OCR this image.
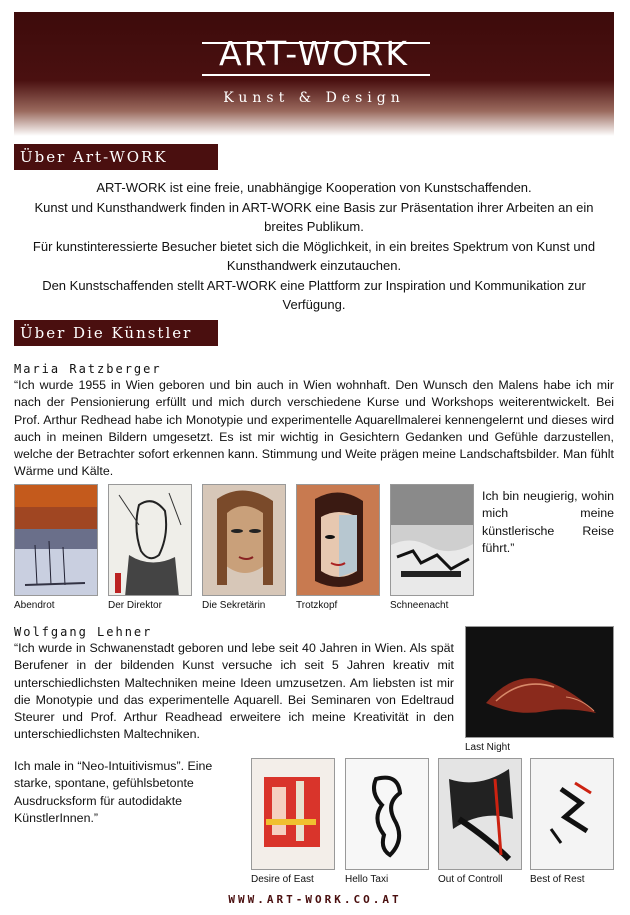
ART-WORK
Kunst & Design
Über Art-WORK

ART-WORK ist eine freie, unabhängige Kooperation von Kunstschaffenden.

Kunst und Kunsthandwerk finden in ART-WORK eine Basis zur Präsentation ihrer Arbeiten an ein breites Publikum.

Für kunstinteressierte Besucher bietet sich die Möglichkeit, in ein breites Spektrum von Kunst und Kunsthandwerk einzutauchen.

Den Kunstschaffenden stellt ART-WORK eine Plattform zur Inspiration und Kommunikation zur Verfügung.

Über Die Künstler
Maria Ratzberger
“Ich wurde 1955 in Wien geboren und bin auch in Wien wohnhaft. Den Wunsch den Malens habe ich mir nach der Pensionierung erfüllt und mich durch verschiedene Kurse und Workshops weiterentwickelt. Bei Prof. Arthur Redhead habe ich Monotypie und experimentelle Aquarellmalerei kennengelernt und dieses wird auch in meinen Bildern umgesetzt. Es ist mir wichtig in Gesichtern Gedanken und Gefühle darzustellen, welche der Betrachter sofort erkennen kann. Stimmung und Weite prägen meine Landschaftsbilder. Man fühlt Wärme und Kälte.
Abendrot	Der Direktor	Die Sekretärin	Trotzkopf	Schneenacht
Ich bin neugierig, wohin mich meine künstlerische Reise führt.”
Wolfgang Lehner
“Ich wurde in Schwanenstadt geboren und lebe seit 40 Jahren in Wien. Als spät Berufener in der bildenden Kunst versuche ich seit 5 Jahren kreativ mit unterschiedlichsten Maltechniken meine Ideen umzusetzen. Am liebsten ist mir die Monotypie und das experimentelle Aquarell. Bei Seminaren von Edeltraud Steurer und Prof. Arthur Readhead erweitere ich meine Kreativität in den unterschiedlichsten Maltechniken.
Last Night
Ich male in “Neo-Intuitivismus”. Eine starke, spontane, gefühlsbetonte Ausdrucksform für autodidakte KünstlerInnen.”
Desire of East	Hello Taxi	Out of Controll	Best of Rest
WWW.ART-WORK.CO.AT
